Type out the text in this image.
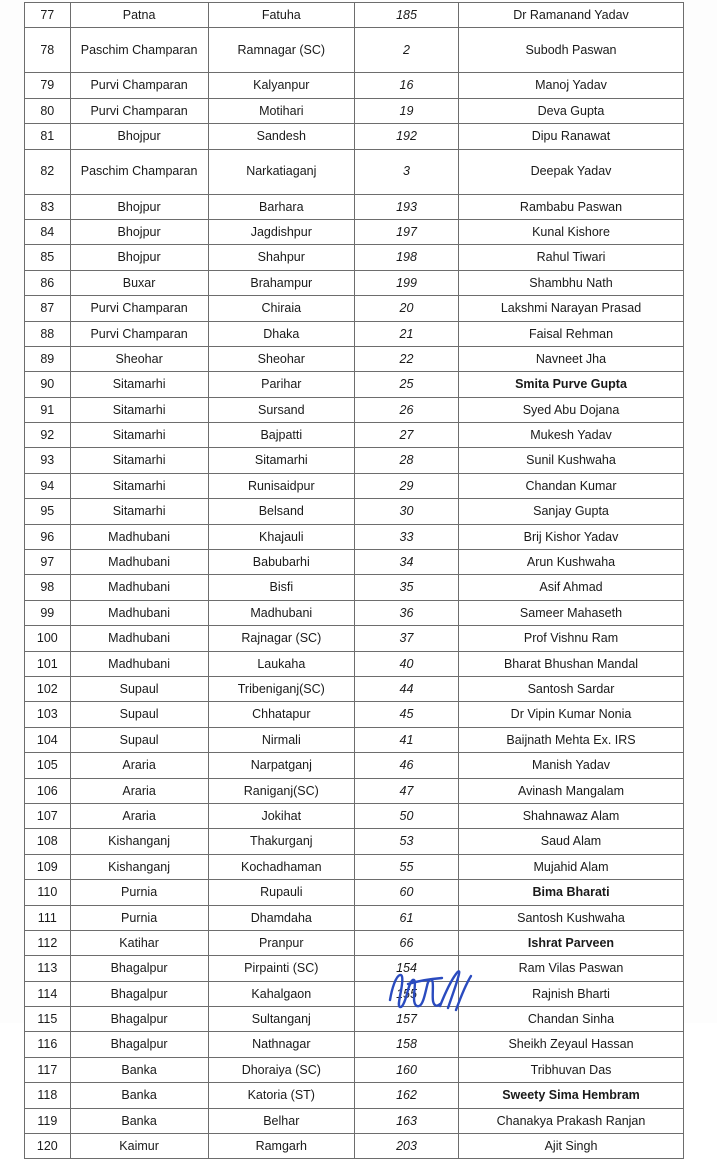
77	Patna	Fatuha	185	Dr Ramanand Yadav
78	Paschim Champaran	Ramnagar (SC)	2	Subodh Paswan
79	Purvi Champaran	Kalyanpur	16	Manoj Yadav
80	Purvi Champaran	Motihari	19	Deva Gupta
81	Bhojpur	Sandesh	192	Dipu Ranawat
82	Paschim Champaran	Narkatiaganj	3	Deepak Yadav
83	Bhojpur	Barhara	193	Rambabu Paswan
84	Bhojpur	Jagdishpur	197	Kunal Kishore
85	Bhojpur	Shahpur	198	Rahul Tiwari
86	Buxar	Brahampur	199	Shambhu Nath
87	Purvi Champaran	Chiraia	20	Lakshmi Narayan Prasad
88	Purvi Champaran	Dhaka	21	Faisal Rehman
89	Sheohar	Sheohar	22	Navneet Jha
90	Sitamarhi	Parihar	25	Smita Purve Gupta
91	Sitamarhi	Sursand	26	Syed Abu Dojana
92	Sitamarhi	Bajpatti	27	Mukesh Yadav
93	Sitamarhi	Sitamarhi	28	Sunil Kushwaha
94	Sitamarhi	Runisaidpur	29	Chandan Kumar
95	Sitamarhi	Belsand	30	Sanjay Gupta
96	Madhubani	Khajauli	33	Brij Kishor Yadav
97	Madhubani	Babubarhi	34	Arun Kushwaha
98	Madhubani	Bisfi	35	Asif Ahmad
99	Madhubani	Madhubani	36	Sameer Mahaseth
100	Madhubani	Rajnagar (SC)	37	Prof Vishnu Ram
101	Madhubani	Laukaha	40	Bharat Bhushan Mandal
102	Supaul	Tribeniganj(SC)	44	Santosh Sardar
103	Supaul	Chhatapur	45	Dr Vipin Kumar Nonia
104	Supaul	Nirmali	41	Baijnath Mehta Ex. IRS
105	Araria	Narpatganj	46	Manish Yadav
106	Araria	Raniganj(SC)	47	Avinash Mangalam
107	Araria	Jokihat	50	Shahnawaz Alam
108	Kishanganj	Thakurganj	53	Saud Alam
109	Kishanganj	Kochadhaman	55	Mujahid Alam
110	Purnia	Rupauli	60	Bima Bharati
111	Purnia	Dhamdaha	61	Santosh Kushwaha
112	Katihar	Pranpur	66	Ishrat Parveen
113	Bhagalpur	Pirpainti (SC)	154	Ram Vilas Paswan
114	Bhagalpur	Kahalgaon	155	Rajnish Bharti
115	Bhagalpur	Sultanganj	157	Chandan Sinha
116	Bhagalpur	Nathnagar	158	Sheikh Zeyaul Hassan
117	Banka	Dhoraiya (SC)	160	Tribhuvan Das
118	Banka	Katoria (ST)	162	Sweety Sima Hembram
119	Banka	Belhar	163	Chanakya Prakash Ranjan
120	Kaimur	Ramgarh	203	Ajit Singh
